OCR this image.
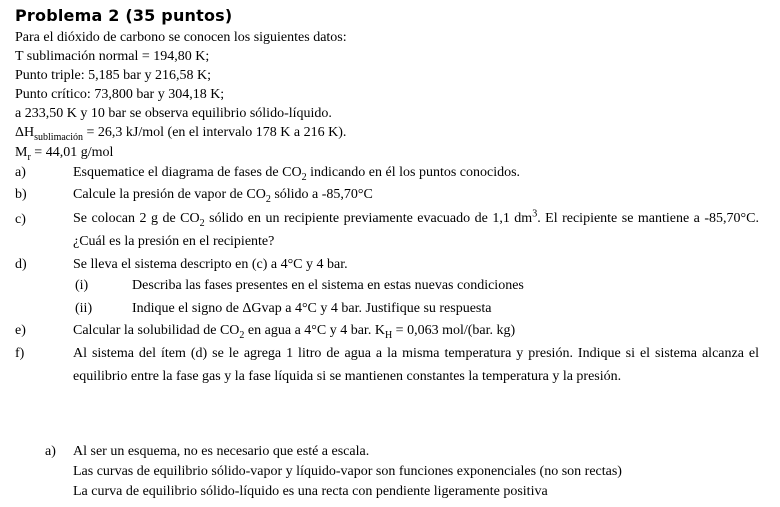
Problema 2 (35 puntos)
Para el dióxido de carbono se conocen los siguientes datos:
T sublimación normal = 194,80 K;
Punto triple: 5,185 bar y 216,58 K;
Punto crítico: 73,800 bar y 304,18 K;
a 233,50 K y 10 bar se observa equilibrio sólido-líquido.
$\Delta H_{sublimación} = 26,3$ kJ/mol (en el intervalo 178 K a 216 K).
$M_r = 44,01$ g/mol
a)	Esquematice el diagrama de fases de $CO_2$ indicando en él los puntos conocidos.
b)	Calcule la presión de vapor de $CO_2$ sólido a -85,70°C
c)	Se colocan 2 g de $CO_2$ sólido en un recipiente previamente evacuado de 1,1 $dm^3$. El recipiente se mantiene a -85,70°C. ¿Cuál es la presión en el recipiente?
d)	Se lleva el sistema descripto en (c) a 4°C y 4 bar.
(i)	Describa las fases presentes en el sistema en estas nuevas condiciones
(ii)	Indique el signo de ΔGvap a 4°C y 4 bar. Justifique su respuesta
e)	Calcular la solubilidad de $CO_2$ en agua a 4°C y 4 bar. $K_H = 0,063$ mol/(bar. kg)
f)	Al sistema del ítem (d) se le agrega 1 litro de agua a la misma temperatura y presión. Indique si el sistema alcanza el equilibrio entre la fase gas y la fase líquida si se mantienen constantes la temperatura y la presión.
a) Al ser un esquema, no es necesario que esté a escala.
Las curvas de equilibrio sólido-vapor y líquido-vapor son funciones exponenciales (no son rectas)
La curva de equilibrio sólido-líquido es una recta con pendiente ligeramente positiva
